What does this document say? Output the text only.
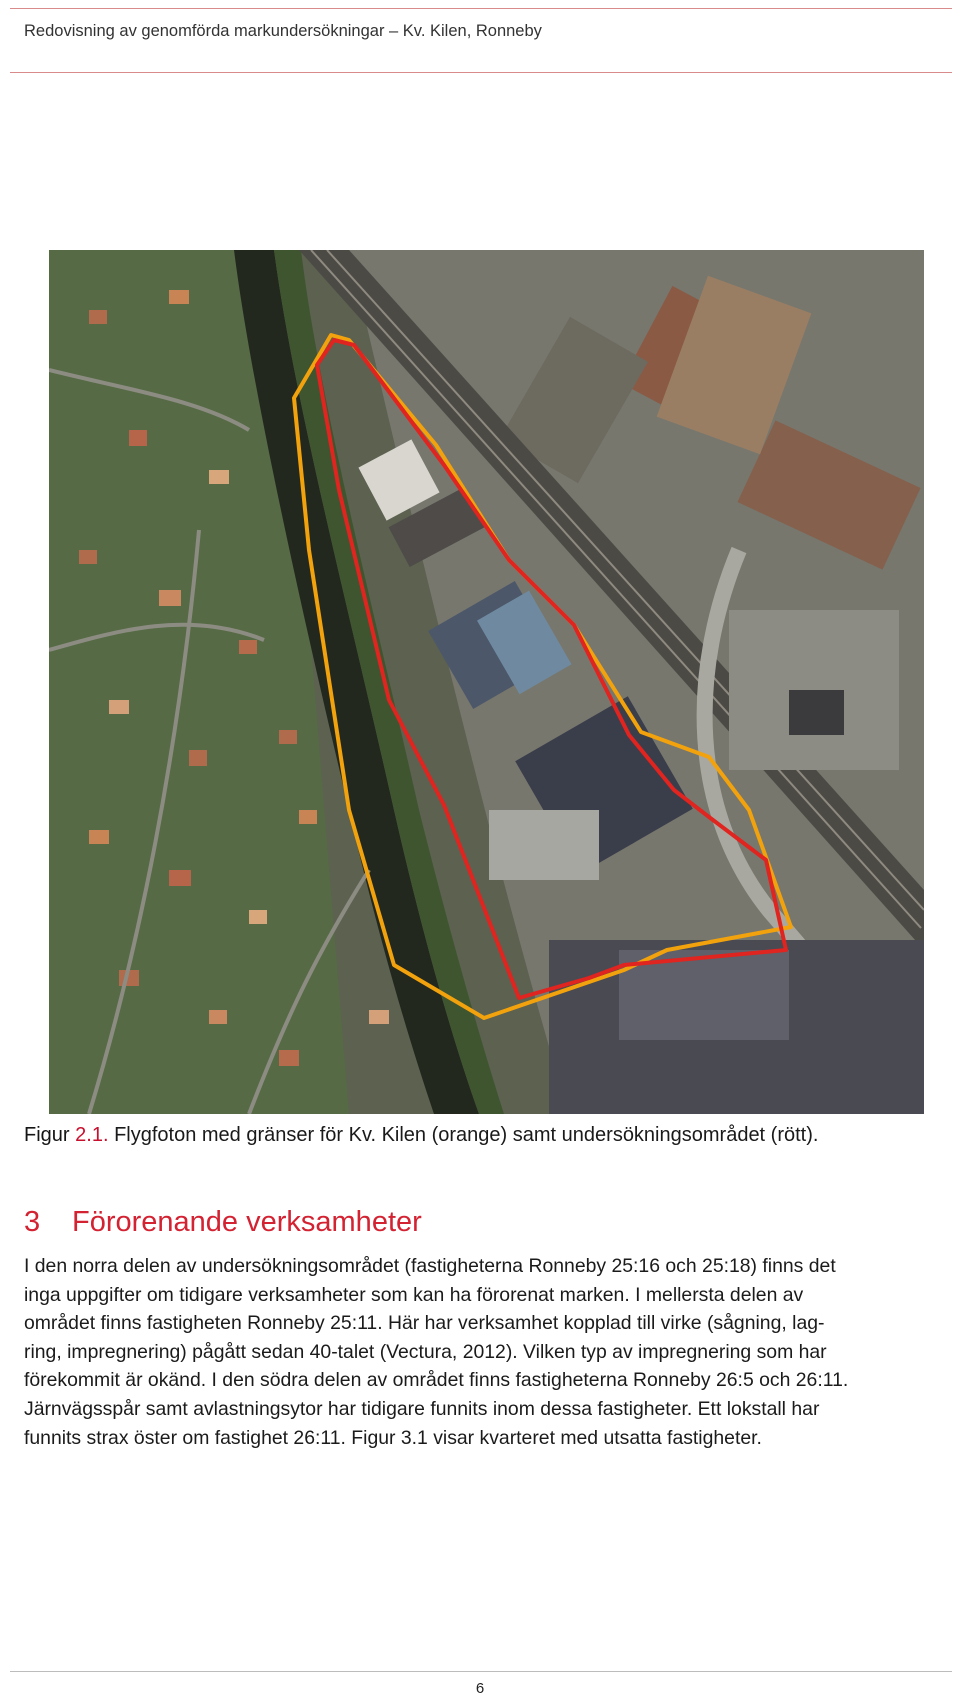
Redovisning av genomförda markundersökningar – Kv. Kilen, Ronneby
Figur 2.1. Flygfoton med gränser för Kv. Kilen (orange) samt undersökningsområdet (rött).
3 Förorenande verksamheter
I den norra delen av undersökningsområdet (fastigheterna Ronneby 25:16 och 25:18) finns det
inga uppgifter om tidigare verksamheter som kan ha förorenat marken. I mellersta delen av
området finns fastigheten Ronneby 25:11. Här har verksamhet kopplad till virke (sågning, lag-
ring, impregnering) pågått sedan 40-talet (Vectura, 2012). Vilken typ av impregnering som har
förekommit är okänd. I den södra delen av området finns fastigheterna Ronneby 26:5 och 26:11.
Järnvägsspår samt avlastningsytor har tidigare funnits inom dessa fastigheter. Ett lokstall har
funnits strax öster om fastighet 26:11. Figur 3.1 visar kvarteret med utsatta fastigheter.
6
